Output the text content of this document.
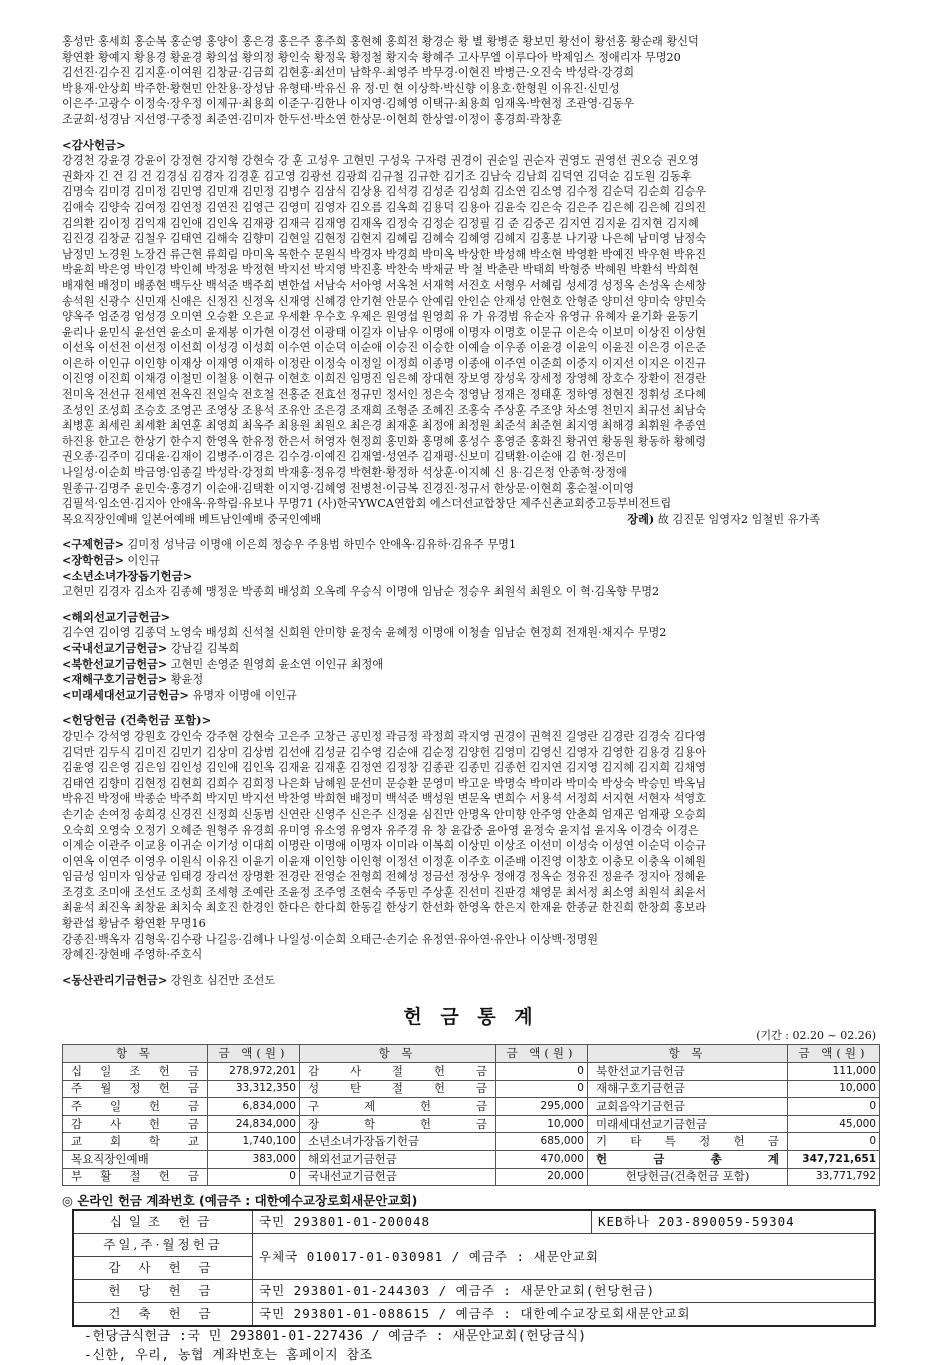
홍성만 홍세희 홍순복 홍순영 홍양이 홍은경 홍은주 홍주희 홍현혜 홍희전 황경순 황 별 황병준 황보민 황선이 황선홍 황순래 황신덕

황연환 황예지 황용경 황윤경 황의섭 황의정 황인숙 황정욱 황정철 황지숙 황혜주 고사무엘 이루다아 박제임스 정애리자 무명20

김선진·김수진 김지훈·이여원 김창균·김금희 김현홍·최선미 남학우·최영주 박무경·이현진 박병근·오진숙 박성락·강경희

박용재·안상희 박주한·황현민 안찬용·장성남 유형태·박유신 유 정·민 현 이상학·박신향 이용호·한형원 이유진·신민성

이은주·고광수 이정숙·장우정 이제규·최용희 이준구·김한나 이지영·김혜영 이택규·최용희 임재옥·박현정 조관영·김동우

조균희·성경남 지선영·구중정 최준연·김미자 한두선·박소연 한상문·이현희 한상열·이정이 홍경희·곽창훈

<감사헌금>

강경천 강윤경 강윤이 강정현 강지형 강현숙 강 훈 고성우 고현민 구성욱 구자령 권경이 권순일 권순자 권영도 권영선 권오승 권오영

권화자 긴 건 김 건 김경심 김경자 김경훈 김고영 김광선 김광희 김규철 김규한 김기조 김남숙 김남희 김덕연 김덕순 김도원 김동후

김명숙 김미경 김미정 김민영 김민재 김민정 김병수 김삼식 김상용 김석경 김성준 김성희 김소연 김소영 김수정 김순덕 김순희 김승우

김애숙 김양숙 김여정 김연정 김연진 김영근 김영미 김영자 김오름 김옥희 김용덕 김용아 김윤숙 김은숙 김은주 김은혜 김은혜 김의진

김의환 김이정 김익재 김인애 김인옥 김재광 김재극 김재영 김재옥 김정숙 김정순 김정필 김 준 김중곤 김지연 김지윤 김지현 김지혜

김진경 김창균 김철우 김태연 김해숙 김향미 김현일 김현정 김현지 김혜림 김혜숙 김혜영 김혜지 김홍분 나기광 나은혜 남미영 남정숙

남정민 노경원 노장건 류근현 류희림 마미옥 목한수 문원식 박경자 박경희 박미옥 박상한 박성해 박소현 박영환 박예진 박우현 박유진

박윤희 박은영 박인경 박인혜 박정윤 박정현 박지선 박지영 박진홍 박찬숙 박채균 박 철 박춘란 박태희 박형중 박혜원 박환석 박희현

배재현 배정미 배종현 백두산 백석준 백주희 변한섭 서남숙 서아영 서옥천 서재혁 서진호 서형우 서혜림 성세경 성정옥 손성옥 손세창

송석원 신광수 신민재 신애은 신정진 신정옥 신재영 신혜경 안기현 안문수 안예림 안인순 안재성 안현호 안형준 양미선 양미숙 양민숙

양옥주 엄준경 엄성경 오미연 오승환 오은교 우세환 우수호 우제은 원영섭 원영희 유 가 유경범 유순자 유영규 유혜자 윤기화 윤동기

윤리나 윤민식 윤선연 윤소미 윤재봉 이가현 이경선 이광태 이길자 이남우 이명애 이명자 이명호 이문규 이은숙 이보미 이상진 이상현

이선옥 이선전 이선정 이선희 이성경 이성희 이수연 이순덕 이순애 이승진 이승한 이예슬 이우종 이윤경 이윤익 이윤진 이은경 이은준

이은하 이인규 이인향 이재상 이재영 이재하 이정란 이정숙 이정일 이정희 이종명 이종애 이주연 이준희 이중지 이지선 이지은 이진규

이진영 이진희 이채경 이철민 이철용 이현규 이현호 이희진 임명진 임은혜 장대현 장보영 장성욱 장세정 장영혜 장호수 장환이 전경란

전미옥 전선규 전세연 전옥진 전일숙 전호철 전홍준 전효선 정규민 정서인 정은숙 정영남 정재은 정태훈 정하영 정현진 정휘성 조다혜

조성인 조성희 조승호 조영곤 조영상 조용석 조유안 조은경 조재희 조형준 조혜진 조홍숙 주상훈 주조양 차소영 천민지 최규선 최남숙

최병훈 최세린 최세환 최연훈 최영희 최옥주 최용원 최원오 최은경 최재훈 최정애 최정원 최준석 최준현 최지영 최해경 최휘원 추종연

하진용 한고은 한상기 한수지 한영옥 한유정 한은서 허영자 현정희 홍민화 홍명혜 홍성수 홍영준 홍화진 황귀연 황동원 황동하 황혜령

권오종·김주미 김대윤·김재이 김병주·이경은 김수경·이예진 김재열·성연주 김재평·신보미 김택환·이순애 김 헌·정은미

나일성·이순희 박금영·임종길 박성락·강정희 박재홍·정유경 박현환·황정하 석상훈·이지혜 신 용·김은정 안종혁·장정애

원종규·김명주 윤민숙·홍경기 이순애·김택환 이지영·김혜영 전병천·이금복 진경진·정규서 한상문·이현희 홍순철·이미영

김필석·임소연·김지아 안애옥·유학림·유보나 무명71 (사)한국YWCA연합회 에스더선교합창단 제주신촌교회중고등부비전트립

목요직장인예배 일본어예배 베트남인예배 중국인예배	장례) 故 김진문 임영자2 임철빈 유가족

<구제헌금> 김미정 성낙금 이명애 이은희 정승우 주용범 하민수 안애옥·김유하·김유주 무명1
<장학헌금> 이인규
<소년소녀가장돕기헌금>

고현민 김경자 김소자 김종혜 맹정운 박종희 배성희 오옥례 우승식 이명애 임남순 정승우 최원석 최원오 이 혁·김옥향 무명2

<해외선교기금헌금>

김수연 김이영 김종덕 노영숙 배성희 신석철 신희원 안미향 윤정숙 윤혜정 이명애 이청솔 임남순 현정희 전재원·채지수 무명2

<국내선교기금헌금> 강남길 김복희
<북한선교기금헌금> 고현민 손영준 원영희 윤소연 이인규 최정애
<재해구호기금헌금> 황윤정
<미래세대선교기금헌금> 유명자 이명애 이인규
<헌당헌금 (건축헌금 포함)>

강민수 강석영 강원호 강인숙 강주현 강현숙 고은주 고창근 공민정 곽금정 곽정희 곽지영 권경이 권혁진 길영란 김경란 김경숙 김다영

김덕만 김두식 김미진 김민기 김상미 김상범 김선애 김성균 김수영 김순애 김순정 김양헌 김영미 김영신 김영자 김영한 김용경 김용아

김윤영 김은영 김은임 김인성 김인애 김인옥 김재윤 김재훈 김정연 김정창 김종관 김종민 김종헌 김지연 김지영 김지혜 김지희 김채영

김태연 김향미 김현정 김현희 김희수 김희정 나은화 남혜원 문선미 문승환 문영미 박고운 박명숙 박미라 박미숙 박상숙 박승민 박옥님

박유진 박정애 박종순 박주희 박지민 박지선 박찬영 박희현 배정미 백석준 백성원 변문옥 변희수 서용석 서정희 서지현 서현자 석영호

손기순 손여정 송희경 신경진 신정희 신동범 신연란 신영주 신은주 신정윤 심진만 안명옥 안미향 안주영 안춘희 엄재곤 엄재광 오승희

오숙희 오영숙 오정기 오혜준 원형주 유경희 유미영 유소영 유영자 유주경 유 창 윤갑중 윤아영 윤정숙 윤지섭 윤지옥 이경숙 이경은

이계순 이관주 이교용 이귀순 이기성 이대희 이명란 이명애 이명자 이미라 이복희 이상민 이상조 이선미 이성숙 이성연 이순덕 이승규

이연옥 이연주 이영우 이원식 이유진 이윤기 이윤재 이인향 이인형 이정선 이정훈 이주호 이준배 이진영 이창호 이충모 이충옥 이혜원

임금성 임미자 임상균 임태경 장리선 장명환 전경란 전영순 전형희 전혜성 정금선 정상우 정애경 정옥순 정유진 정윤주 정지아 정혜윤

조경호 조미애 조선도 조성희 조세형 조예란 조윤정 조주영 조현숙 주동민 주상훈 진선미 진판경 채영문 최서정 최소영 최원석 최윤서

최윤석 최진옥 최창윤 최치숙 최호진 한경인 한다은 한다희 한동길 한상기 한선화 한영옥 한은지 한재윤 한종균 한진희 한창희 홍보라

황관섭 황남주 황연환 무명16

강종진·백옥자 김형욱·김수광 나길응·김혜나 나일성·이순희 오태근·손기순 유정연·유아연·유안나 이상백·정명원

장혜진·장현배 주영하·주호식

<동산관리기금헌금> 강원호 심건만 조선도
헌 금 통 계
(기간 : 02.20 ~ 02.26)
항 목	금 액(원)	항 목	금 액(원)	항 목	금 액(원)
십 일 조 헌 금	278,972,201	감 사 절 헌 금	0	북한선교기금헌금	111,000
주 월 정 헌 금	33,312,350	성 탄 절 헌 금	0	재해구호기금헌금	10,000
주 일 헌 금	6,834,000	구 제 헌 금	295,000	교회음악기금헌금	0
감 사 헌 금	24,834,000	장 학 헌 금	10,000	미래세대선교기금헌금	45,000
교 회 학 교	1,740,100	소년소녀가장돕기헌금	685,000	기 타 특 정 헌 금	0
목요직장인예배	383,000	해외선교기금헌금	470,000	헌 금 총 계	347,721,651
부 활 절 헌 금	0	국내선교기금헌금	20,000	헌당헌금(건축헌금 포함)	33,771,792
◎ 온라인 헌금 계좌번호 (예금주 : 대한예수교장로회새문안교회)
십일조 헌금	국민 293801-01-200048	KEB하나 203-890059-59304
주일,주·월정헌금	우체국 010017-01-030981 / 예금주 : 새문안교회	
감 사 헌 금		
헌 당 헌 금	국민 293801-01-244303 / 예금주 : 새문안교회(헌당헌금)	
건 축 헌 금	국민 293801-01-088615 / 예금주 : 대한예수교장로회새문안교회	
-헌당금식헌금 :국 민 293801-01-227436 / 예금주 : 새문안교회(헌당금식)
-신한, 우리, 농협 계좌번호는 홈페이지 참조
